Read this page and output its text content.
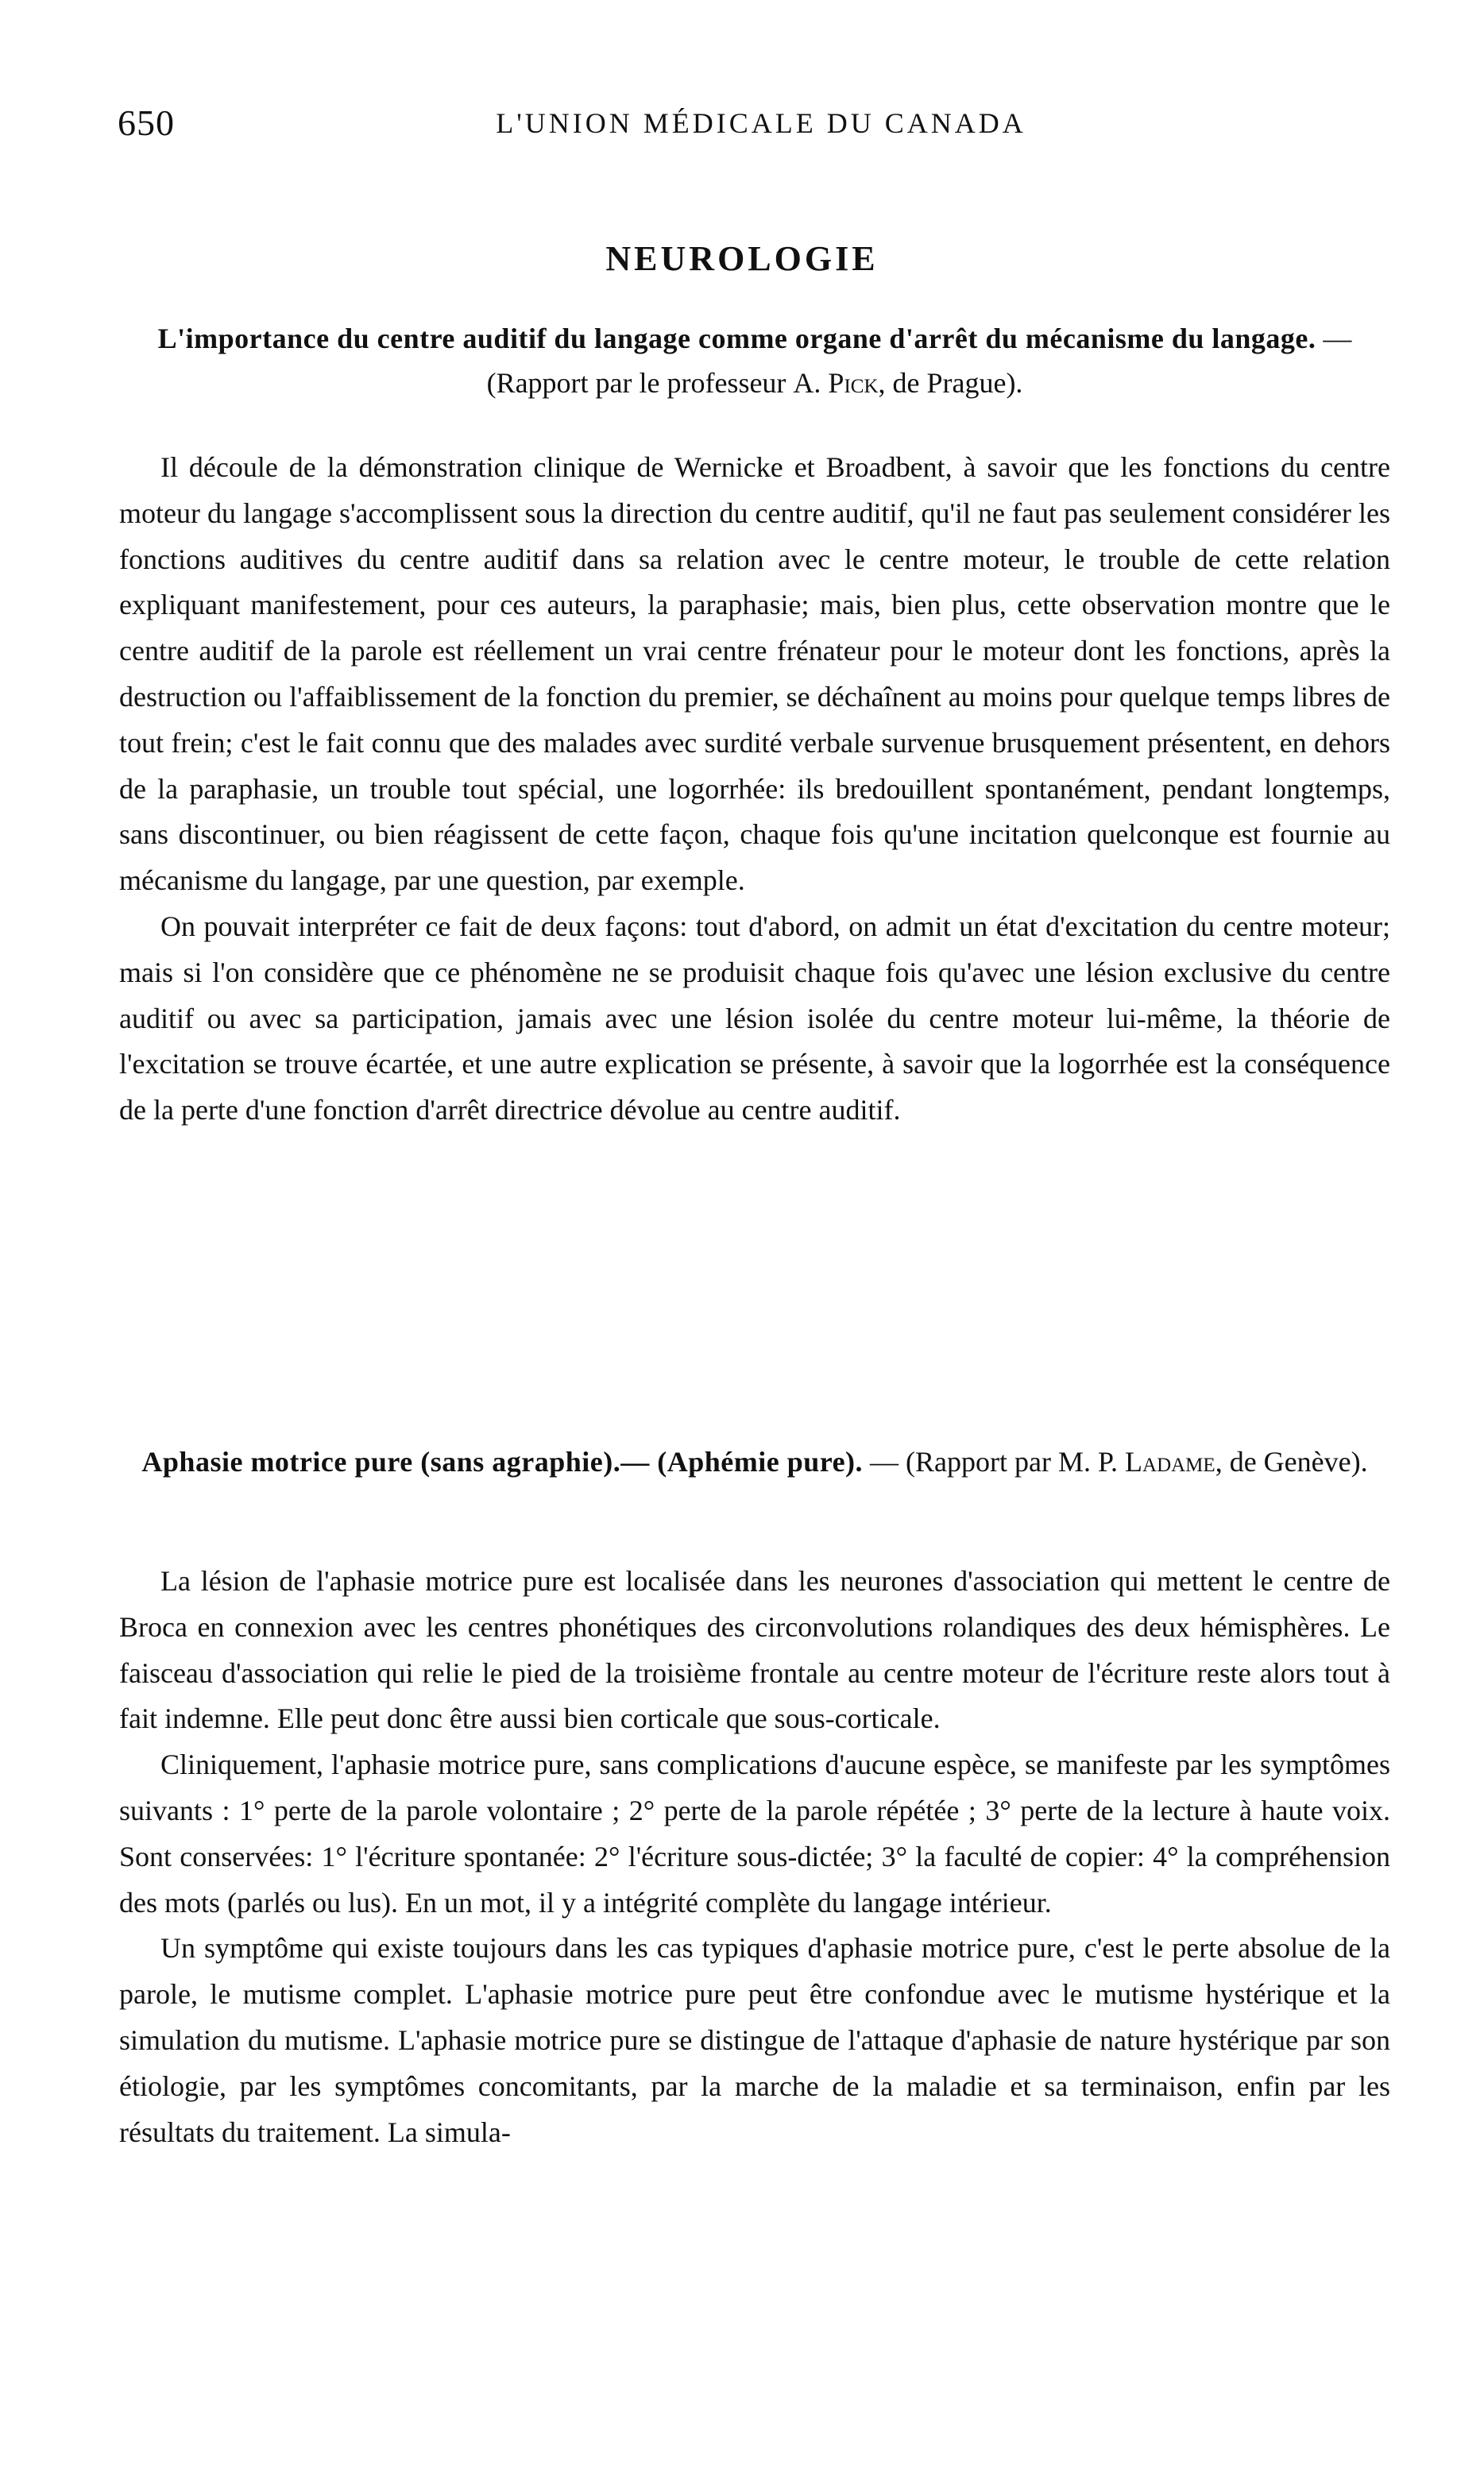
650	L'UNION MÉDICALE DU CANADA
NEUROLOGIE
L'importance du centre auditif du langage comme organe d'arrêt du mécanisme du langage. — (Rapport par le professeur A. Pick, de Prague).

Il découle de la démonstration clinique de Wernicke et Broadbent, à savoir que les fonctions du centre moteur du langage s'accomplissent sous la direction du centre auditif, qu'il ne faut pas seulement considérer les fonctions auditives du centre auditif dans sa relation avec le centre moteur, le trouble de cette relation expliquant manifestement, pour ces auteurs, la paraphasie; mais, bien plus, cette observation montre que le centre auditif de la parole est réellement un vrai centre frénateur pour le moteur dont les fonctions, après la destruction ou l'affaiblissement de la fonction du premier, se déchaînent au moins pour quelque temps libres de tout frein; c'est le fait connu que des malades avec surdité verbale survenue brusquement présentent, en dehors de la paraphasie, un trouble tout spécial, une logorrhée: ils bredouillent spontanément, pendant longtemps, sans discontinuer, ou bien réagissent de cette façon, chaque fois qu'une incitation quelconque est fournie au mécanisme du langage, par une question, par exemple.

On pouvait interpréter ce fait de deux façons: tout d'abord, on admit un état d'excitation du centre moteur; mais si l'on considère que ce phénomène ne se produisit chaque fois qu'avec une lésion exclusive du centre auditif ou avec sa participation, jamais avec une lésion isolée du centre moteur lui-même, la théorie de l'excitation se trouve écartée, et une autre explication se présente, à savoir que la logorrhée est la conséquence de la perte d'une fonction d'arrêt directrice dévolue au centre auditif.

Aphasie motrice pure (sans agraphie).— (Aphémie pure). — (Rapport par M. P. Ladame, de Genève).

La lésion de l'aphasie motrice pure est localisée dans les neurones d'association qui mettent le centre de Broca en connexion avec les centres phonétiques des circonvolutions rolandiques des deux hémisphères. Le faisceau d'association qui relie le pied de la troisième frontale au centre moteur de l'écriture reste alors tout à fait indemne. Elle peut donc être aussi bien corticale que sous-corticale.

Cliniquement, l'aphasie motrice pure, sans complications d'aucune espèce, se manifeste par les symptômes suivants : 1° perte de la parole volontaire ; 2° perte de la parole répétée ; 3° perte de la lecture à haute voix. Sont conservées: 1° l'écriture spontanée: 2° l'écriture sous-dictée; 3° la faculté de copier: 4° la compréhension des mots (parlés ou lus). En un mot, il y a intégrité complète du langage intérieur.

Un symptôme qui existe toujours dans les cas typiques d'aphasie motrice pure, c'est le perte absolue de la parole, le mutisme complet. L'aphasie motrice pure peut être confondue avec le mutisme hystérique et la simulation du mutisme. L'aphasie motrice pure se distingue de l'attaque d'aphasie de nature hystérique par son étiologie, par les symptômes concomitants, par la marche de la maladie et sa terminaison, enfin par les résultats du traitement. La simula-
